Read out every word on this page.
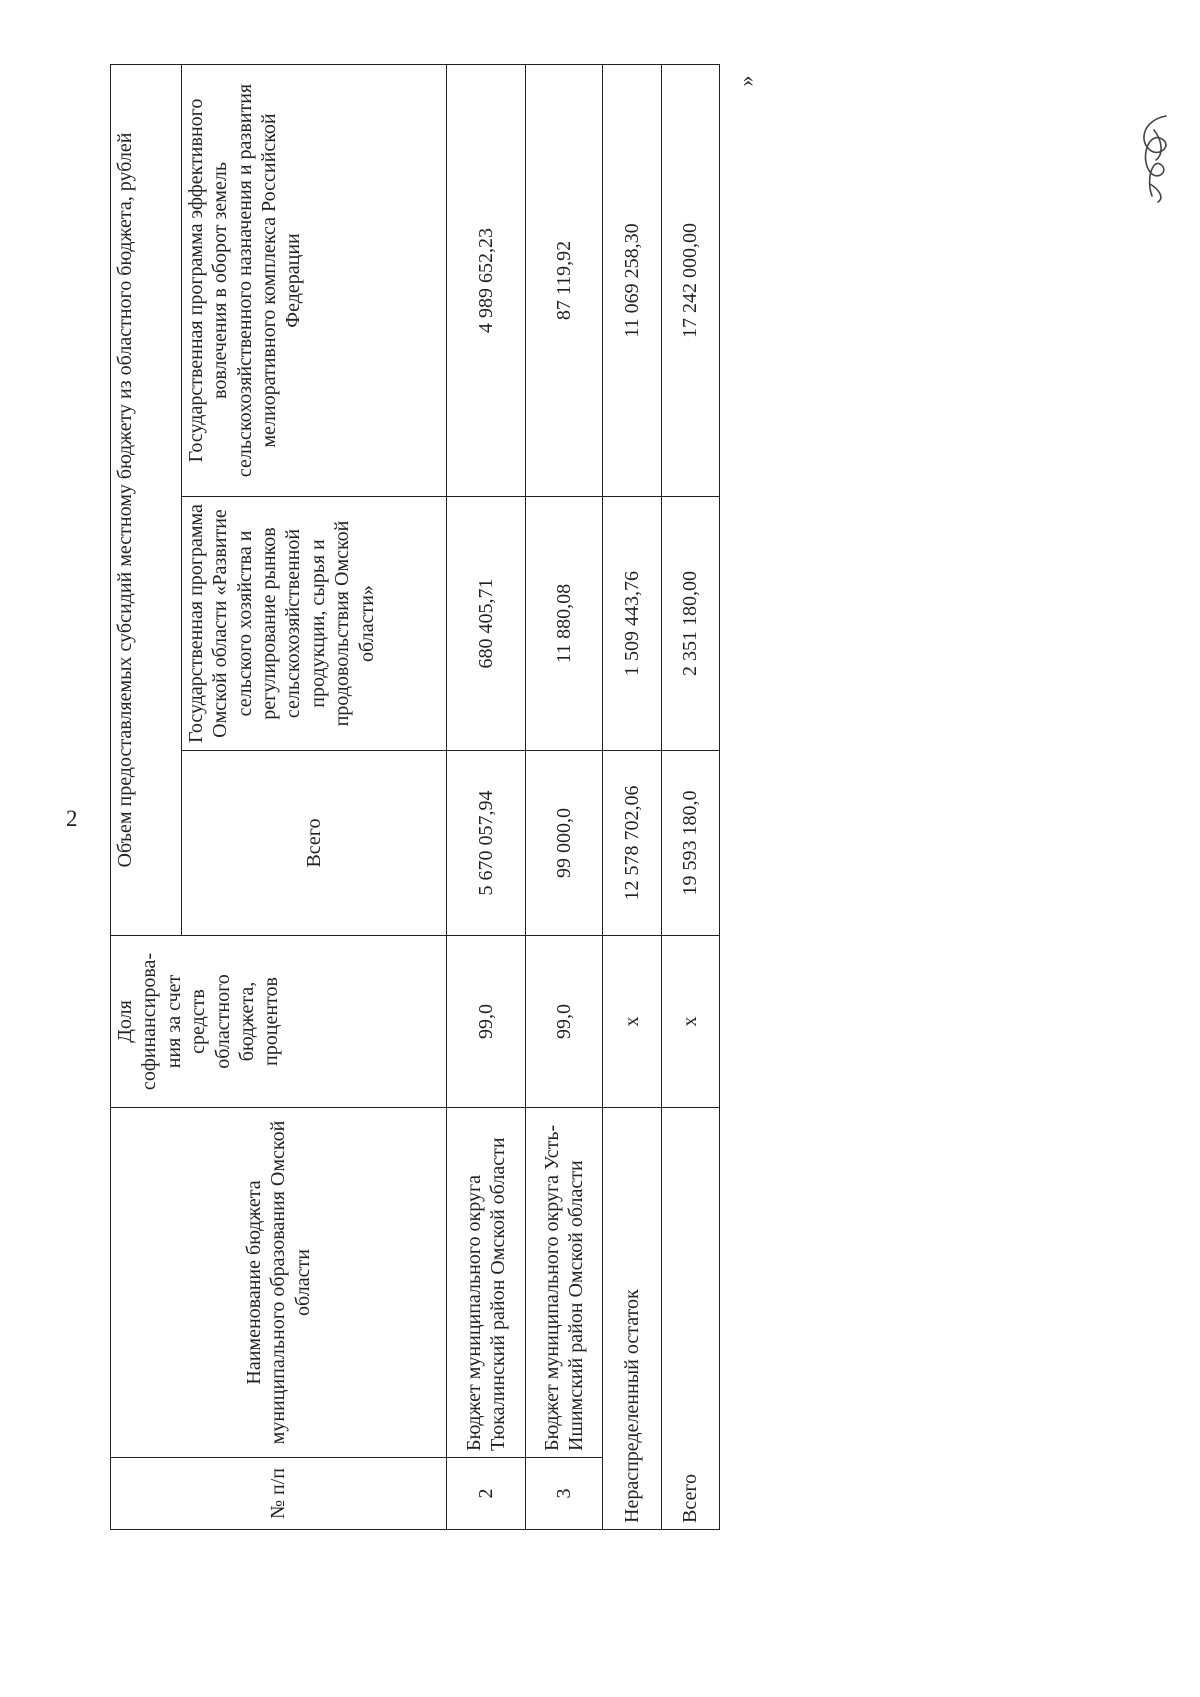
2
№ п/п	Наименование бюджета муниципального образования Омской области	Доля софинансирова-ния за счет средств областного бюджета, процентов	Объем предоставляемых субсидий местному бюджету из областного бюджета, рублей		
			Всего	Государственная программа Омской области «Развитие сельского хозяйства и регулирование рынков сельскохозяйственной продукции, сырья и продовольствия Омской области»	Государственная программа эффективного вовлечения в оборот земель сельскохозяйственного назначения и развития мелиоративного комплекса Российской Федерации
2	Бюджет муниципального округа Тюкалинский район Омской области	99,0	5 670 057,94	680 405,71	4 989 652,23
3	Бюджет муниципального округа Усть-Ишимский район Омской области	99,0	99 000,0	11 880,08	87 119,92
Нераспределенный остаток		х	12 578 702,06	1 509 443,76	11 069 258,30
Всего		х	19 593 180,0	2 351 180,00	17 242 000,00
»
